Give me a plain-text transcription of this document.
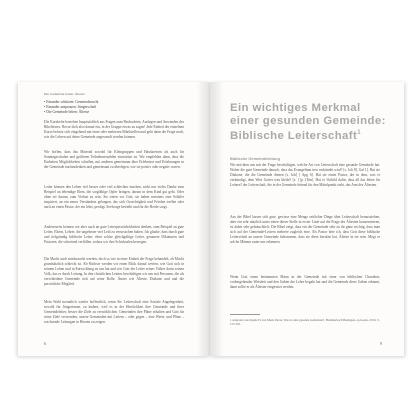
Die Gemeinde leiten: Älteste
• Einander schützen: Gemeindezucht
• Einander ansporнen: Jüngerschaft
• Die Gemeinde leiten: Älteste

Die Kurzhefte beziehen hauptsächlich aus Fragen zum Beobachten, Auslegen und Anwenden des Bibeltextes. Bevor dich also darauf ein, in der Gruppe etwas zu sagen! Jede Einheit der einzelnen Kurse befasst sich eingehend mit einer oder mehreren Bibelstellen und geht dann der Frage nach, wie die Lehren auf deine Gemeinde angewandt werden können.

Wir hoffen, dass das Material sowohl für Kleingruppen und Hauskreisen als auch für Sonntagsschulen und größeren Teilnehmerzahlen einsetzbar ist. Wir empfehlen dann, dass die Einheiten Möglichkeiten schaffen, mit anderen gemeinsam über Erlebnisse und Erfahrungen in der Gemeinde nachzudenken und gemeinsam zu überlegen, wie sie positiv oder negativ waren.

Leiter können den Leben viel besser oder viel schlechter machen, nicht nur vieles Danke zum Beispiel an lebendige Ehen, die sorgfältige Opfer bringen, darum in dem Kind gut geht. Oder ohne sie darum, zum Verlust zu sein. Sie treten vor Gott; sie haben meistens eine Schüler inspiriert, an ein neues Verständnis gelangen, das sich Gerechtigkeit und Frieden treffen oder auch an einen Pastor, der ein lehrt, predigt, Seelsorge betreibt und für die Herde sorgt.

Andererseits können wir aber auch an gute Leiterpersönlichkeiten denken, zum Beispiel an gute Leiter, Eltern, Lehrer, die ungeheuer viel Leid zu verursachen haben. Ich glaube, dass durch gute und tiefgründig biblische Leiter, eben solche gleichgültige Leiter, genauere Diktaturen und Pastoren, die schreiend verfüllen, sodass wir ihre Schicksalen bewegen.

Die Macht auch missbraucht werden, doch so wie in einer Einheit der Frage behandelt, ob Macht grundsätzlich schlecht ist. Ab-Nächste werden wir einen Blick darauf werfen, wie Gott sich in seinem Leben und in Entwicklung zu tun hat und wie Gott der Leiter seines Volkes darin seinen Volk, das er durch Leitung. In den christlichen Leitern beschäftigen wir uns mit Personen, die als verschiedene Gemeinde sich auf seine Rolle, Ämter wie Älteste, Diakone und und die persönliche Mitglied.

Mein Wahl monatlich wieder hoffentlich, wenn Sie Leiterschaft eine Soziale Angelegenheit, sowohl für Jüngerinnen, zu ändern, weil es in der Herrlichkeit ihre Gemeinde und ihrer Gemeindeleiter, besser die Ziele zu verwirklichen. Gemeinden ihre Pläne erhalten und Gott für seine Ziele verwenden, unsere Gemeinden mit Leitern – oder gegen – eine Werte, und Pläne – wachsende Leitungen in Herzen zu zeigen.

6
Ein wichtiges Merkmal
einer gesunden Gemeinde:
Biblische Leiterschaft$^1$
Biblische Gemeindeleitung

Wir möchten uns mit der Frage beschäftigen, welche Art von Leiterschaft eine gesunde Gemeinde hat. Woher die gute Gemeinde danach, dass das Evangelium treu verkündet wird? [s. Joh 8], Gal 1]. Hat sie Diakone, die die Gemeinde dienen [s. Joh] [ Apg 6]. Hat sie einen Pastor, der in dem, was er verkündigt, dem Wort Gottes treu bleibt? [s. ] [p 1Tim]. Hat er Vorbild dafür, dass all das leben für Leitern? der Leiterschaft, die in der Gemeinde leitend für den Mittelpunkt steht, das Amt des Ältesten.

Aus der Bibel lassen sich gute, gewisse eine Menge zeitlicher Dinge über Leiterschaft herausziehen, aber ein sehr nützlich unter einen dieser Stelle in erster Linie auf die Frage der Ältesten konzentrieren, ist dabei sehr gebräuchlich: Die Bibel zeigt, dass ein der Gemeinde sehr zu ihr ganz wichtig, dass man sich auf der Gemeinde-Leitern mehrere zugleich eine. Als Pastor bete ich, dass Gott diese biblische Leiterschaft an unsere Gemeinde bekommen, dass sie diese berufen hat, Älteste in sie sein. Mögt er solche Männer unter uns erkennen.

Wenn Gott einen bestimmten Mann in der Gemeinde mit einer von biblischen Charakter, vorbergehender Weisheit und den Gaben der Lehre begabt hat und die Gemeinde diese Gaben erkannt, dann sollte er als Ältester eingesetzt werden.

1 Adaptiert aus Kapitel 9 von Mark Dever, Was ist eine gesunde Gemeinde?, Hammerbach Bekingen, ep-books, 2016, S. 155-181.

9
